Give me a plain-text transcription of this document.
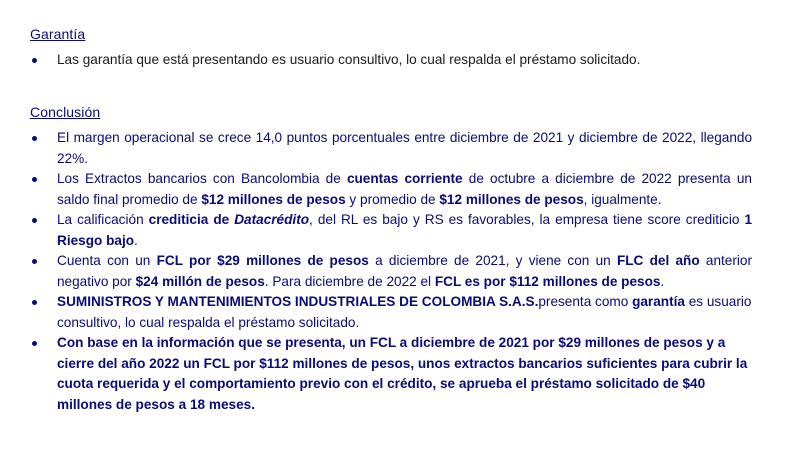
Garantía
Las garantía que está presentando es usuario consultivo, lo cual respalda el préstamo solicitado.
Conclusión
El margen operacional se crece 14,0 puntos porcentuales entre diciembre de 2021 y diciembre de 2022, llegando 22%.
Los Extractos bancarios con Bancolombia de cuentas corriente de octubre a diciembre de 2022 presenta un saldo final promedio de $12 millones de pesos y promedio de $12 millones de pesos, igualmente.
La calificación crediticia de Datacrédito, del RL es bajo y RS es favorables, la empresa tiene score crediticio 1 Riesgo bajo.
Cuenta con un FCL por $29 millones de pesos a diciembre de 2021, y viene con un FLC del año anterior negativo por $24 millón de pesos. Para diciembre de 2022 el FCL es por $112 millones de pesos.
SUMINISTROS Y MANTENIMIENTOS INDUSTRIALES DE COLOMBIA S.A.S.presenta como garantía es usuario consultivo, lo cual respalda el préstamo solicitado.
Con base en la información que se presenta, un FCL a diciembre de 2021 por $29 millones de pesos y a cierre del año 2022 un FCL por $112 millones de pesos, unos extractos bancarios suficientes para cubrir la cuota requerida y el comportamiento previo con el crédito, se aprueba el préstamo solicitado de $40 millones de pesos a 18 meses.
